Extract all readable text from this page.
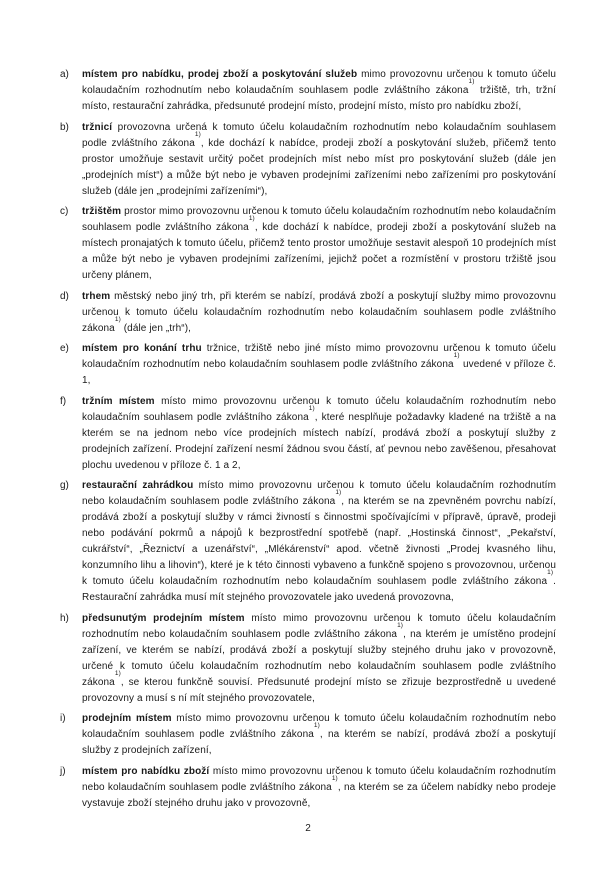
a)	místem pro nabídku, prodej zboží a poskytování služeb mimo provozovnu určenou k tomuto účelu kolaudačním rozhodnutím nebo kolaudačním souhlasem podle zvláštního zákona$^{1)}$ tržiště, trh, tržní místo, restaurační zahrádka, předsunuté prodejní místo, prodejní místo, místo pro nabídku zboží,
b)	tržnicí provozovna určená k tomuto účelu kolaudačním rozhodnutím nebo kolaudačním souhlasem podle zvláštního zákona$^{1)}$, kde dochází k nabídce, prodeji zboží a poskytování služeb, přičemž tento prostor umožňuje sestavit určitý počet prodejních míst nebo míst pro poskytování služeb (dále jen „prodejních míst“) a může být nebo je vybaven prodejními zařízeními nebo zařízeními pro poskytování služeb (dále jen „prodejními zařízeními“),
c)	tržištěm prostor mimo provozovnu určenou k tomuto účelu kolaudačním rozhodnutím nebo kolaudačním souhlasem podle zvláštního zákona$^{1)}$, kde dochází k nabídce, prodeji zboží a poskytování služeb na místech pronajatých k tomuto účelu, přičemž tento prostor umožňuje sestavit alespoň 10 prodejních míst a může být nebo je vybaven prodejními zařízeními, jejichž počet a rozmístění v prostoru tržiště jsou určeny plánem,
d)	trhem městský nebo jiný trh, při kterém se nabízí, prodává zboží a poskytují služby mimo provozovnu určenou k tomuto účelu kolaudačním rozhodnutím nebo kolaudačním souhlasem podle zvláštního zákona$^{1)}$ (dále jen „trh“),
e)	místem pro konání trhu tržnice, tržiště nebo jiné místo mimo provozovnu určenou k tomuto účelu kolaudačním rozhodnutím nebo kolaudačním souhlasem podle zvláštního zákona$^{1)}$ uvedené v příloze č. 1,
f)	tržním místem místo mimo provozovnu určenou k tomuto účelu kolaudačním rozhodnutím nebo kolaudačním souhlasem podle zvláštního zákona$^{1)}$, které nesplňuje požadavky kladené na tržiště a na kterém se na jednom nebo více prodejních místech nabízí, prodává zboží a poskytují služby z prodejních zařízení. Prodejní zařízení nesmí žádnou svou částí, ať pevnou nebo zavěšenou, přesahovat plochu uvedenou v příloze č. 1 a 2,
g)	restaurační zahrádkou místo mimo provozovnu určenou k tomuto účelu kolaudačním rozhodnutím nebo kolaudačním souhlasem podle zvláštního zákona$^{1)}$, na kterém se na zpevněném povrchu nabízí, prodává zboží a poskytují služby v rámci živností s činnostmi spočívajícími v přípravě, úpravě, prodeji nebo podávání pokrmů a nápojů k bezprostřední spotřebě (např. „Hostinská činnost“, „Pekařství, cukrářství“, „Řeznictví a uzenářství“, „Mlékárenství“ apod. včetně živnosti „Prodej kvasného lihu, konzumního lihu a lihovin“), které je k této činnosti vybaveno a funkčně spojeno s provozovnou, určenou k tomuto účelu kolaudačním rozhodnutím nebo kolaudačním souhlasem podle zvláštního zákona$^{1)}$. Restaurační zahrádka musí mít stejného provozovatele jako uvedená provozovna,
h)	předsunutým prodejním místem místo mimo provozovnu určenou k tomuto účelu kolaudačním rozhodnutím nebo kolaudačním souhlasem podle zvláštního zákona$^{1)}$, na kterém je umístěno prodejní zařízení, ve kterém se nabízí, prodává zboží a poskytují služby stejného druhu jako v provozovně, určené k tomuto účelu kolaudačním rozhodnutím nebo kolaudačním souhlasem podle zvláštního zákona$^{1)}$, se kterou funkčně souvisí. Předsunuté prodejní místo se zřizuje bezprostředně u uvedené provozovny a musí s ní mít stejného provozovatele,
i)	prodejním místem místo mimo provozovnu určenou k tomuto účelu kolaudačním rozhodnutím nebo kolaudačním souhlasem podle zvláštního zákona$^{1)}$, na kterém se nabízí, prodává zboží a poskytují služby z prodejních zařízení,
j)	místem pro nabídku zboží místo mimo provozovnu určenou k tomuto účelu kolaudačním rozhodnutím nebo kolaudačním souhlasem podle zvláštního zákona$^{1)}$, na kterém se za účelem nabídky nebo prodeje vystavuje zboží stejného druhu jako v provozovně,
2
